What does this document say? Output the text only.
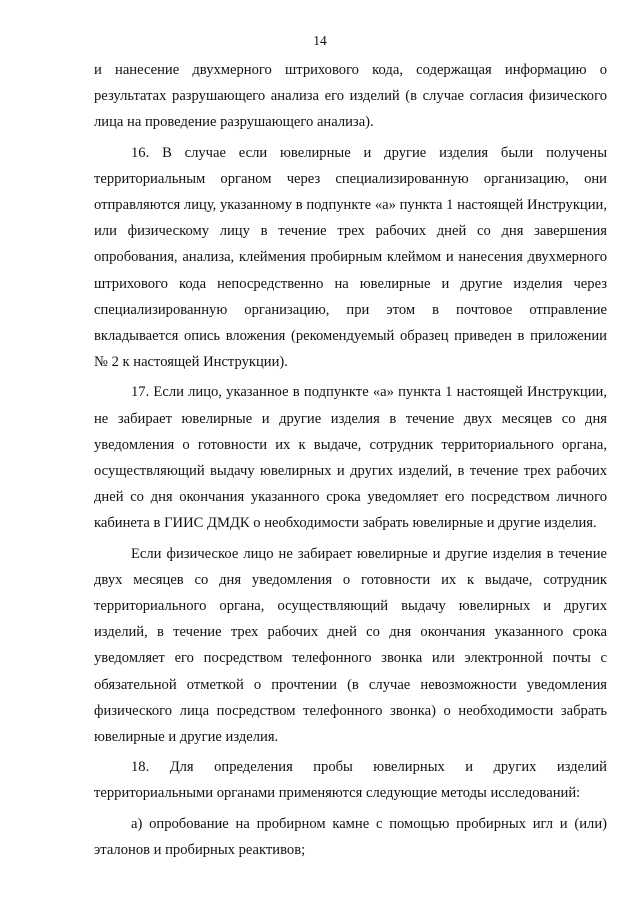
14

и нанесение двухмерного штрихового кода, содержащая информацию о результатах разрушающего анализа его изделий (в случае согласия физического лица на проведение разрушающего анализа).

16. В случае если ювелирные и другие изделия были получены территориальным органом через специализированную организацию, они отправляются лицу, указанному в подпункте «а» пункта 1 настоящей Инструкции, или физическому лицу в течение трех рабочих дней со дня завершения опробования, анализа, клеймения пробирным клеймом и нанесения двухмерного штрихового кода непосредственно на ювелирные и другие изделия через специализированную организацию, при этом в почтовое отправление вкладывается опись вложения (рекомендуемый образец приведен в приложении № 2 к настоящей Инструкции).

17. Если лицо, указанное в подпункте «а» пункта 1 настоящей Инструкции, не забирает ювелирные и другие изделия в течение двух месяцев со дня уведомления о готовности их к выдаче, сотрудник территориального органа, осуществляющий выдачу ювелирных и других изделий, в течение трех рабочих дней со дня окончания указанного срока уведомляет его посредством личного кабинета в ГИИС ДМДК о необходимости забрать ювелирные и другие изделия.

Если физическое лицо не забирает ювелирные и другие изделия в течение двух месяцев со дня уведомления о готовности их к выдаче, сотрудник территориального органа, осуществляющий выдачу ювелирных и других изделий, в течение трех рабочих дней со дня окончания указанного срока уведомляет его посредством телефонного звонка или электронной почты с обязательной отметкой о прочтении (в случае невозможности уведомления физического лица посредством телефонного звонка) о необходимости забрать ювелирные и другие изделия.

18. Для определения пробы ювелирных и других изделий территориальными органами применяются следующие методы исследований:

а) опробование на пробирном камне с помощью пробирных игл и (или) эталонов и пробирных реактивов;
